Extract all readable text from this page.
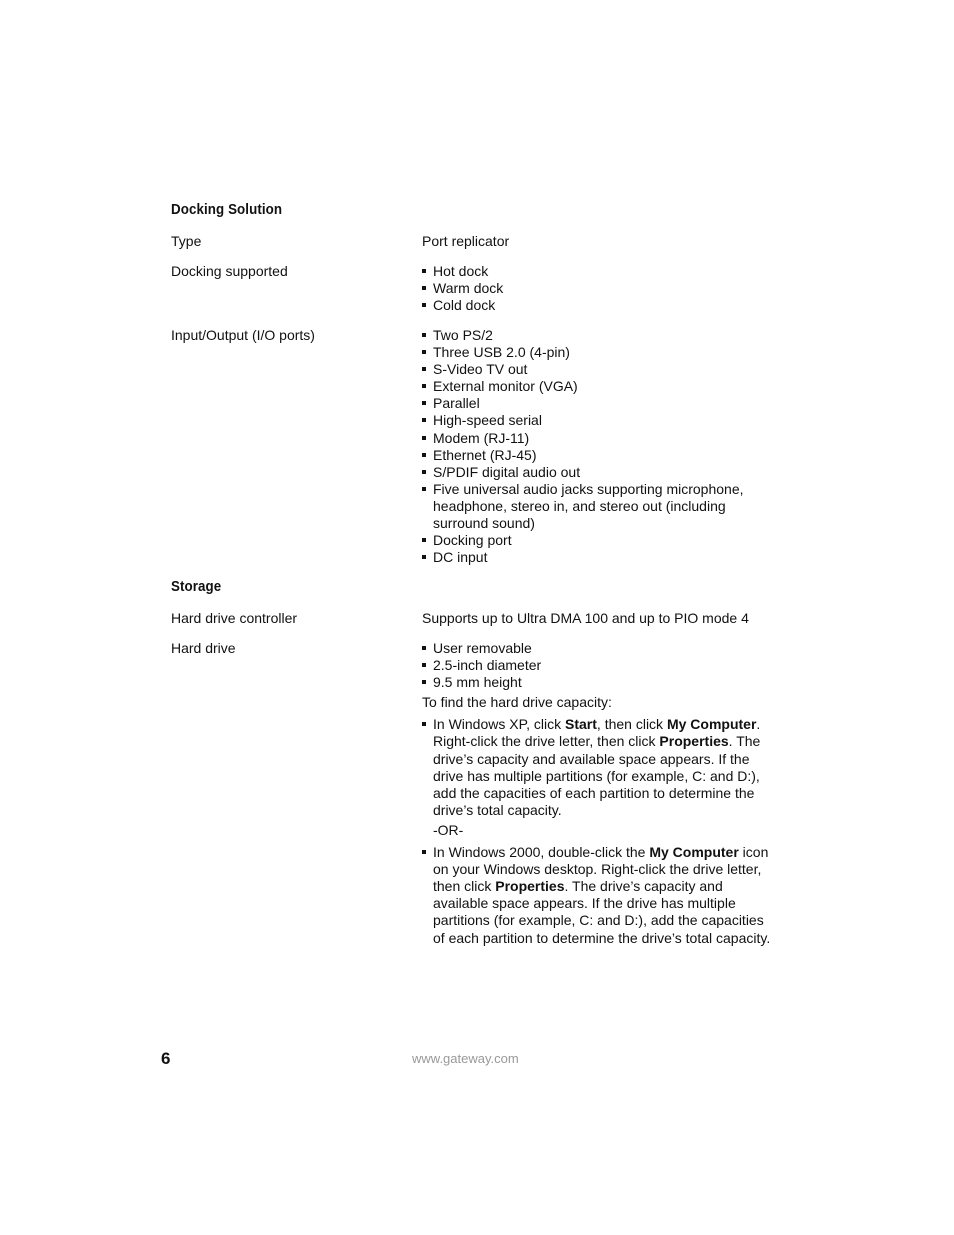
Docking Solution
Type	Port replicator
Docking supported	Hot dock
Warm dock
Cold dock
Input/Output (I/O ports)	Two PS/2
Three USB 2.0 (4-pin)
S-Video TV out
External monitor (VGA)
Parallel
High-speed serial
Modem (RJ-11)
Ethernet (RJ-45)
S/PDIF digital audio out
Five universal audio jacks supporting microphone, headphone, stereo in, and stereo out (including surround sound)
Docking port
DC input
Storage
Hard drive controller	Supports up to Ultra DMA 100 and up to PIO mode 4
Hard drive	User removable
2.5-inch diameter
9.5 mm height
To find the hard drive capacity:
In Windows XP, click Start, then click My Computer. Right-click the drive letter, then click Properties. The drive’s capacity and available space appears. If the drive has multiple partitions (for example, C: and D:), add the capacities of each partition to determine the drive’s total capacity.
-OR-
In Windows 2000, double-click the My Computer icon on your Windows desktop. Right-click the drive letter, then click Properties. The drive’s capacity and available space appears. If the drive has multiple partitions (for example, C: and D:), add the capacities of each partition to determine the drive’s total capacity.
6	www.gateway.com
